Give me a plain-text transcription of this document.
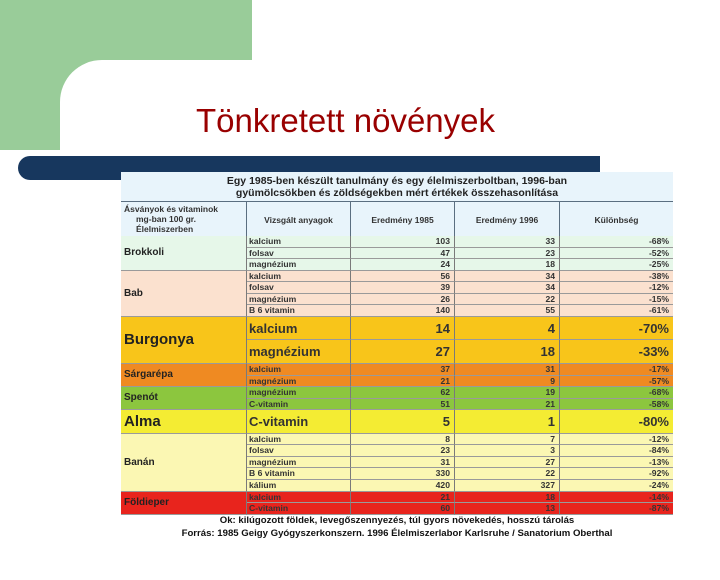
Tönkretett növények
Egy 1985-ben készült tanulmány és egy élelmiszerboltban, 1996-ban
gyümölcsökben és zöldségekben mért értékek összehasonlítása
Ásványok és vitaminok
mg-ban 100 gr.
Élelmiszerben
Vizsgált anyagok	Eredmény 1985	Eredmény 1996	Különbség
Brokkoli
kalcium	103	33	-68%
folsav	47	23	-52%
magnézium	24	18	-25%
Bab
kalcium	56	34	-38%
folsav	39	34	-12%
magnézium	26	22	-15%
B 6 vitamin	140	55	-61%
Burgonya
kalcium	14	4	-70%
magnézium	27	18	-33%
Sárgarépa
kalcium	37	31	-17%
magnézium	21	9	-57%
Spenót
magnézium	62	19	-68%
C-vitamin	51	21	-58%
Alma	C-vitamin	5	1	-80%
Banán
kalcium	8	7	-12%
folsav	23	3	-84%
magnézium	31	27	-13%
B 6 vitamin	330	22	-92%
kálium	420	327	-24%
Földieper
kalcium	21	18	-14%
C-vitamin	60	13	-87%
Ok: kilúgozott földek, levegőszennyezés, túl gyors növekedés, hosszú tárolás
Forrás: 1985 Geigy Gyógyszerkonszern. 1996 Élelmiszerlabor Karlsruhe / Sanatorium Oberthal
